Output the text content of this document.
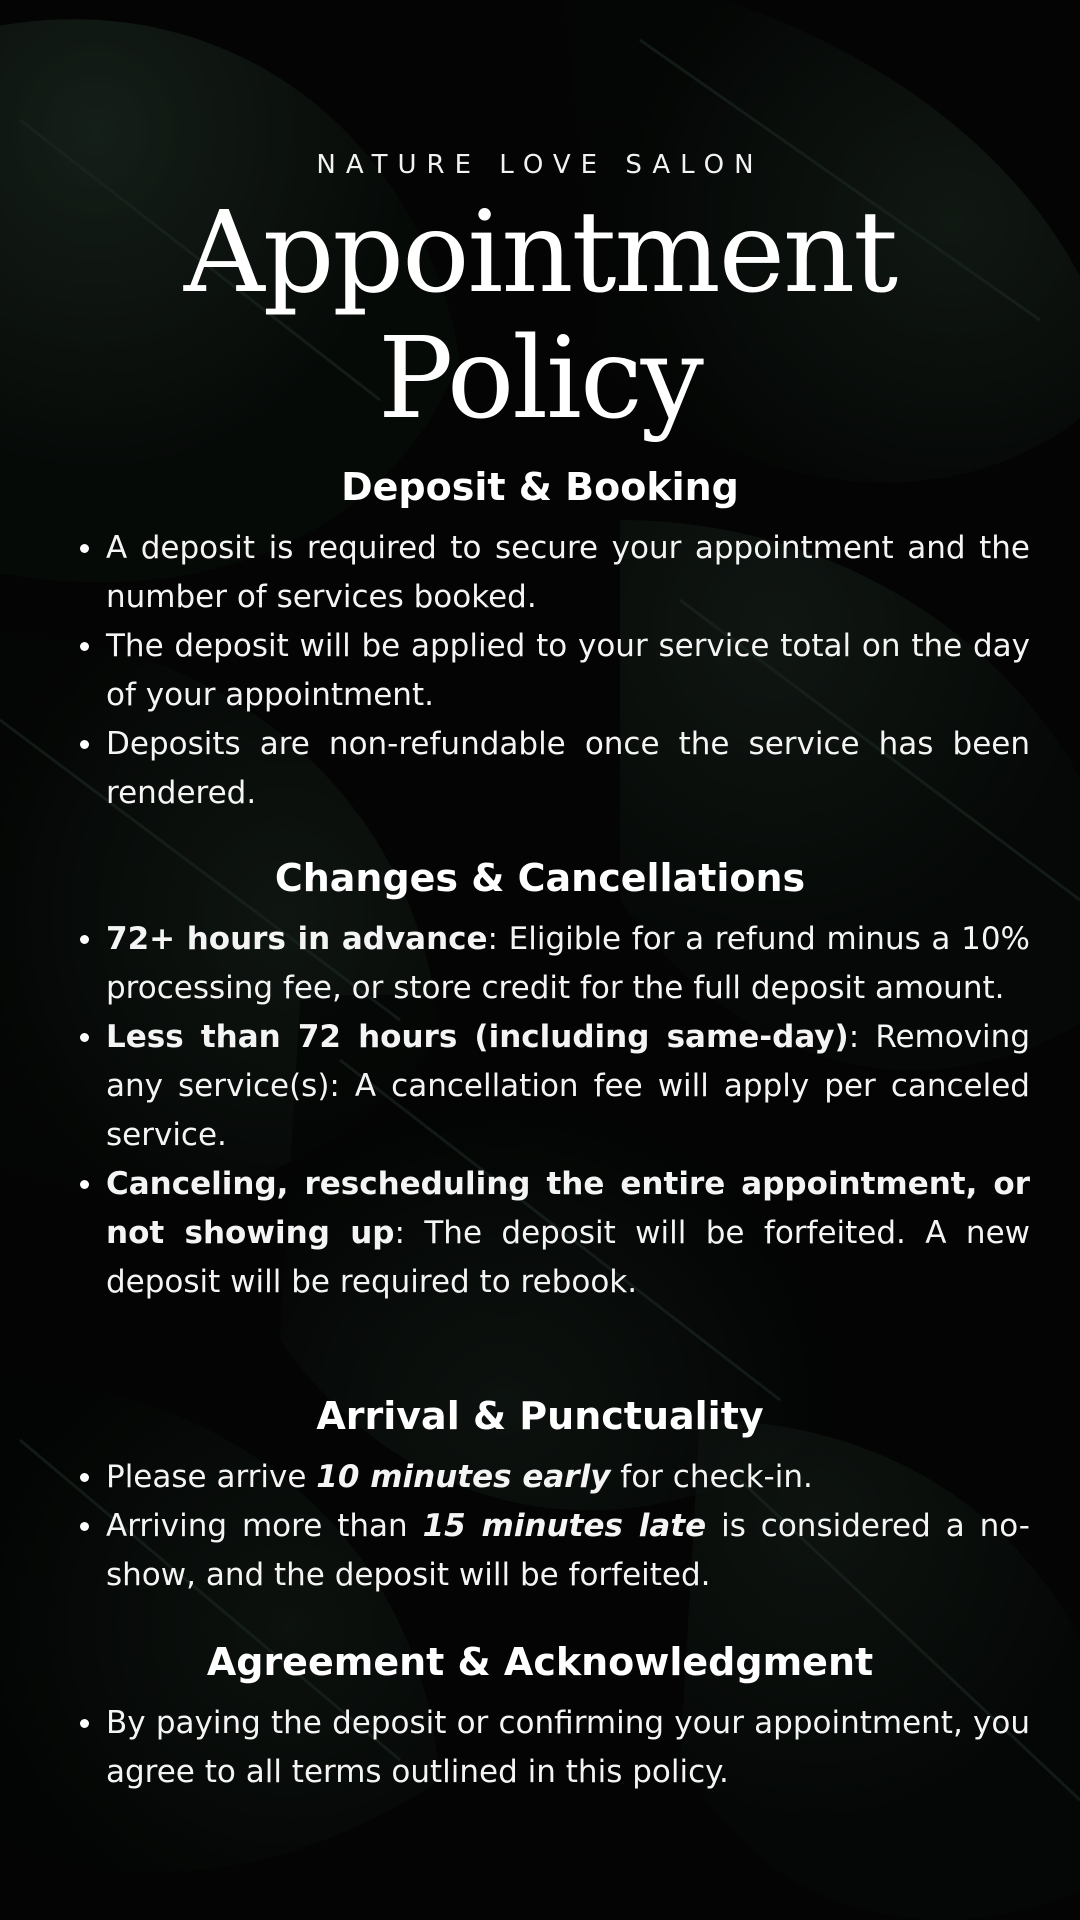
NATURE LOVE SALON
Appointment
Policy
Deposit & Booking
A deposit is required to secure your appointment and the number of services booked.
The deposit will be applied to your service total on the day of your appointment.
Deposits are non-refundable once the service has been rendered.
Changes & Cancellations
72+ hours in advance: Eligible for a refund minus a 10% processing fee, or store credit for the full deposit amount.
Less than 72 hours (including same-day): Removing any service(s): A cancellation fee will apply per canceled service.
Canceling, rescheduling the entire appointment, or not showing up: The deposit will be forfeited. A new deposit will be required to rebook.
Arrival & Punctuality
Please arrive 10 minutes early for check-in.
Arriving more than 15 minutes late is considered a no-show, and the deposit will be forfeited.
Agreement & Acknowledgment
By paying the deposit or confirming your appointment, you agree to all terms outlined in this policy.
